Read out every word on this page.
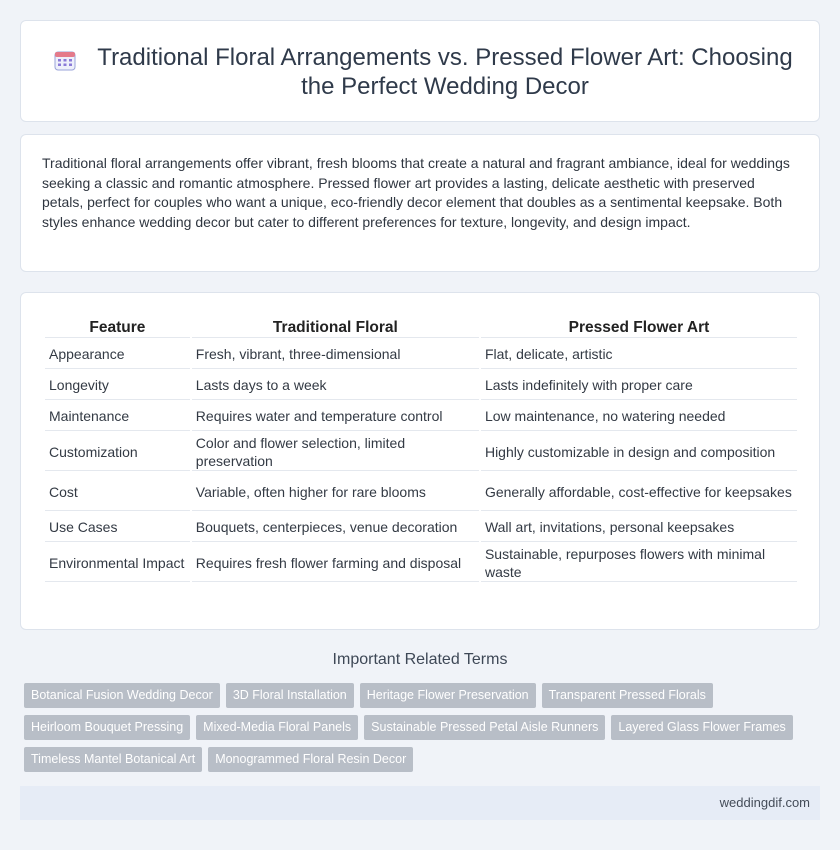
Traditional Floral Arrangements vs. Pressed Flower Art: Choosing the Perfect Wedding Decor

Traditional floral arrangements offer vibrant, fresh blooms that create a natural and fragrant ambiance, ideal for weddings seeking a classic and romantic atmosphere. Pressed flower art provides a lasting, delicate aesthetic with preserved petals, perfect for couples who want a unique, eco-friendly decor element that doubles as a sentimental keepsake. Both styles enhance wedding decor but cater to different preferences for texture, longevity, and design impact.

Feature	Traditional Floral	Pressed Flower Art
Appearance	Fresh, vibrant, three-dimensional	Flat, delicate, artistic
Longevity	Lasts days to a week	Lasts indefinitely with proper care
Maintenance	Requires water and temperature control	Low maintenance, no watering needed
Customization	Color and flower selection, limited preservation	Highly customizable in design and composition
Cost	Variable, often higher for rare blooms	Generally affordable, cost-effective for keepsakes
Use Cases	Bouquets, centerpieces, venue decoration	Wall art, invitations, personal keepsakes
Environmental Impact	Requires fresh flower farming and disposal	Sustainable, repurposes flowers with minimal waste
Important Related Terms
Botanical Fusion Wedding Decor 3D Floral Installation Heritage Flower Preservation Transparent Pressed Florals
Heirloom Bouquet Pressing Mixed-Media Floral Panels Sustainable Pressed Petal Aisle Runners Layered Glass Flower Frames
Timeless Mantel Botanical Art Monogrammed Floral Resin Decor
weddingdif.com
